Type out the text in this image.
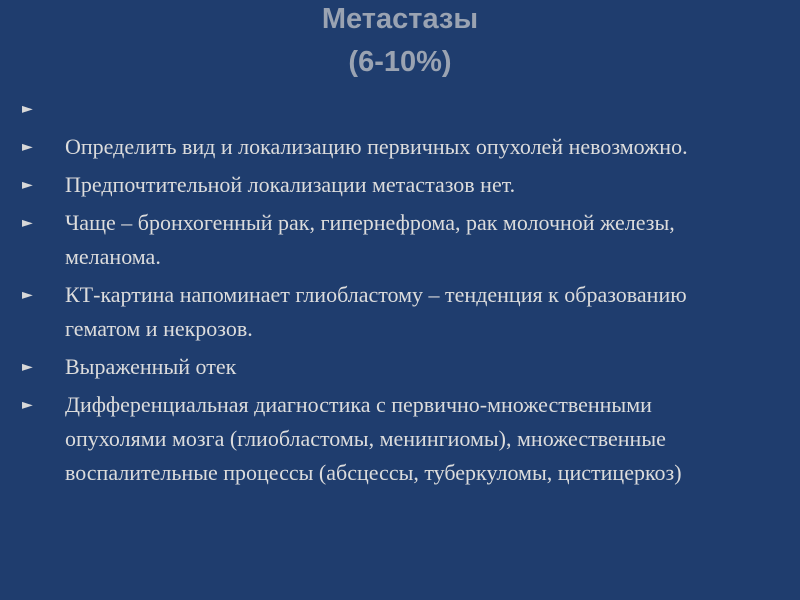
Метастазы
(6-10%)
►
►	Определить вид и локализацию первичных опухолей невозможно.
►	Предпочтительной локализации метастазов нет.
►	Чаще – бронхогенный рак, гипернефрома, рак молочной железы, меланома.
►	КТ-картина напоминает глиобластому – тенденция к образованию гематом и некрозов.
►	Выраженный отек
►	Дифференциальная диагностика с первично-множественными опухолями мозга (глиобластомы, менингиомы), множественные воспалительные процессы (абсцессы, туберкуломы, цистицеркоз)
